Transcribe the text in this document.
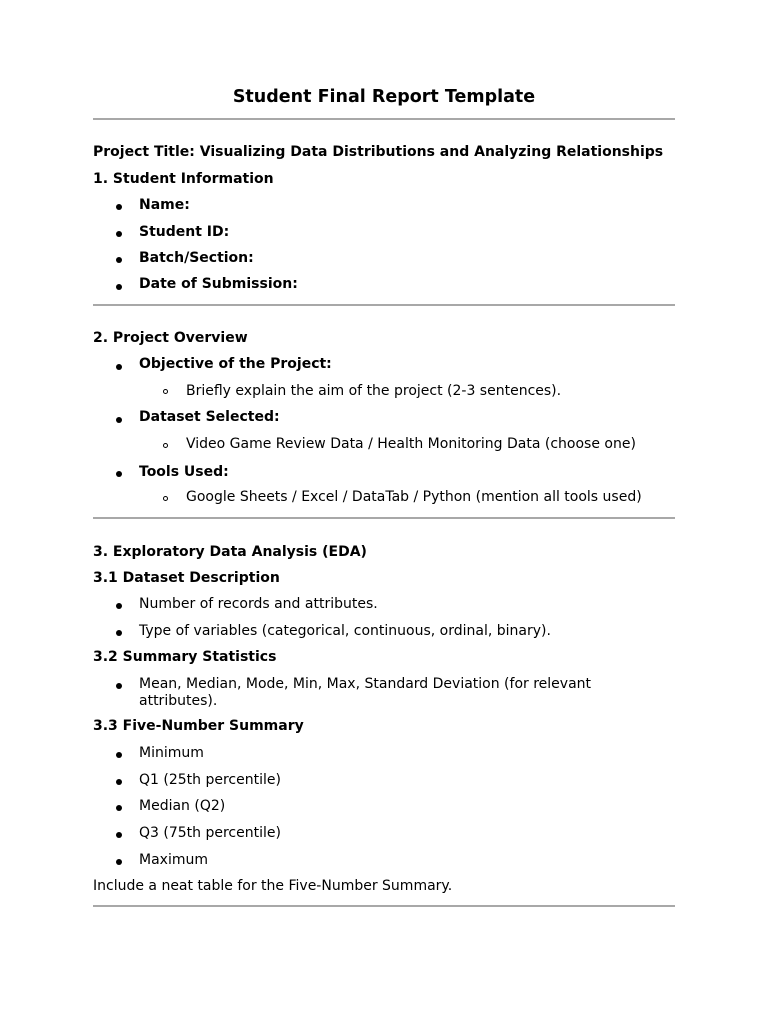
Student Final Report Template
Project Title: Visualizing Data Distributions and Analyzing Relationships
1. Student Information
Name:
Student ID:
Batch/Section:
Date of Submission:
2. Project Overview
Objective of the Project:
Briefly explain the aim of the project (2-3 sentences).
Dataset Selected:
Video Game Review Data / Health Monitoring Data (choose one)
Tools Used:
Google Sheets / Excel / DataTab / Python (mention all tools used)
3. Exploratory Data Analysis (EDA)
3.1 Dataset Description
Number of records and attributes.
Type of variables (categorical, continuous, ordinal, binary).
3.2 Summary Statistics
Mean, Median, Mode, Min, Max, Standard Deviation (for relevant attributes).
3.3 Five-Number Summary
Minimum
Q1 (25th percentile)
Median (Q2)
Q3 (75th percentile)
Maximum
Include a neat table for the Five-Number Summary.
